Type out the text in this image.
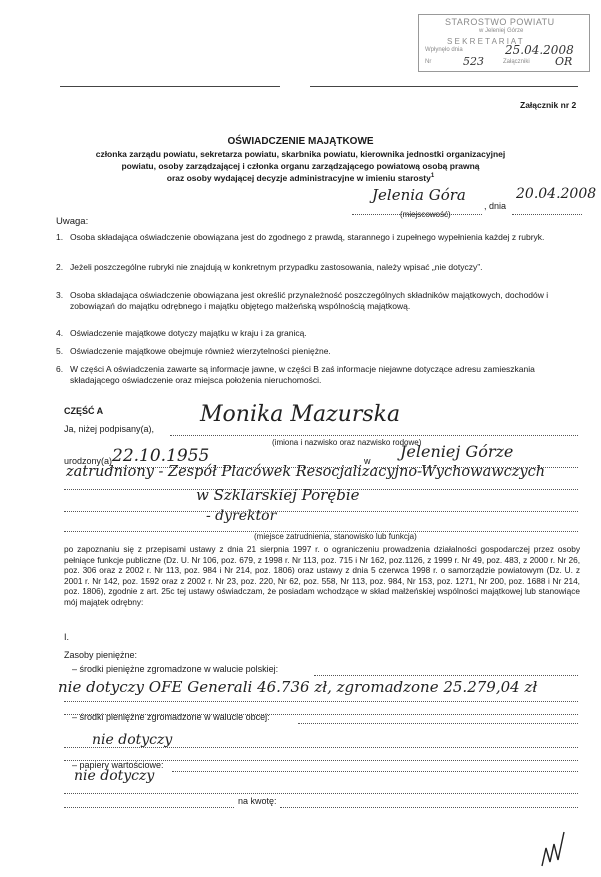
STAROSTWO POWIATU
w Jeleniej Górze
S E K R E T A R I A T
Wpłynęło dnia	25.04.2008
Nr	523	Załączniki OR
Załącznik nr 2
OŚWIADCZENIE MAJĄTKOWE
członka zarządu powiatu, sekretarza powiatu, skarbnika powiatu, kierownika jednostki organizacyjnej
powiatu, osoby zarządzającej i członka organu zarządzającego powiatową osobą prawną
oraz osoby wydającej decyzje administracyjne w imieniu starosty$^1$
Jelenia Góra
, dnia
20.04.2008
(miejscowość)
Uwaga:
1. Osoba składająca oświadczenie obowiązana jest do zgodnego z prawdą, starannego i zupełnego wypełnienia każdej z rubryk.
2. Jeżeli poszczególne rubryki nie znajdują w konkretnym przypadku zastosowania, należy wpisać „nie dotyczy”.
3. Osoba składająca oświadczenie obowiązana jest określić przynależność poszczególnych składników majątkowych, dochodów i zobowiązań do majątku odrębnego i majątku objętego małżeńską wspólnością majątkową.
4. Oświadczenie majątkowe dotyczy majątku w kraju i za granicą.
5. Oświadczenie majątkowe obejmuje również wierzytelności pieniężne.
6. W części A oświadczenia zawarte są informacje jawne, w części B zaś informacje niejawne dotyczące adresu zamieszkania składającego oświadczenie oraz miejsca położenia nieruchomości.
CZĘŚĆ A
Ja, niżej podpisany(a),
Monika Mazurska
(imiona i nazwisko oraz nazwisko rodowe)
urodzony(a) 22.10.1955	w Jeleniej Górze
zatrudniony - Zespół Placówek Resocjalizacyjno-Wychowawczych
w Szklarskiej Porębie
- dyrektor
(miejsce zatrudnienia, stanowisko lub funkcja)
po zapoznaniu się z przepisami ustawy z dnia 21 sierpnia 1997 r. o ograniczeniu prowadzenia działalności gospodarczej przez osoby pełniące funkcje publiczne (Dz. U. Nr 106, poz. 679, z 1998 r. Nr 113, poz. 715 i Nr 162, poz.1126, z 1999 r. Nr 49, poz. 483, z 2000 r. Nr 26, poz. 306 oraz z 2002 r. Nr 113, poz. 984 i Nr 214, poz. 1806) oraz ustawy z dnia 5 czerwca 1998 r. o samorządzie powiatowym (Dz. U. z 2001 r. Nr 142, poz. 1592 oraz z 2002 r. Nr 23, poz. 220, Nr 62, poz. 558, Nr 113, poz. 984, Nr 153, poz. 1271, Nr 200, poz. 1688 i Nr 214, poz. 1806), zgodnie z art. 25c tej ustawy oświadczam, że posiadam wchodzące w skład małżeńskiej wspólności majątkowej lub stanowiące mój majątek odrębny:
I.
Zasoby pieniężne:
– środki pieniężne zgromadzone w walucie polskiej:
nie dotyczy OFE Generali 46.736 zł, zgromadzone 25.279,04 zł
– środki pieniężne zgromadzone w walucie obcej:
nie dotyczy
– papiery wartościowe:
nie dotyczy
na kwotę:
